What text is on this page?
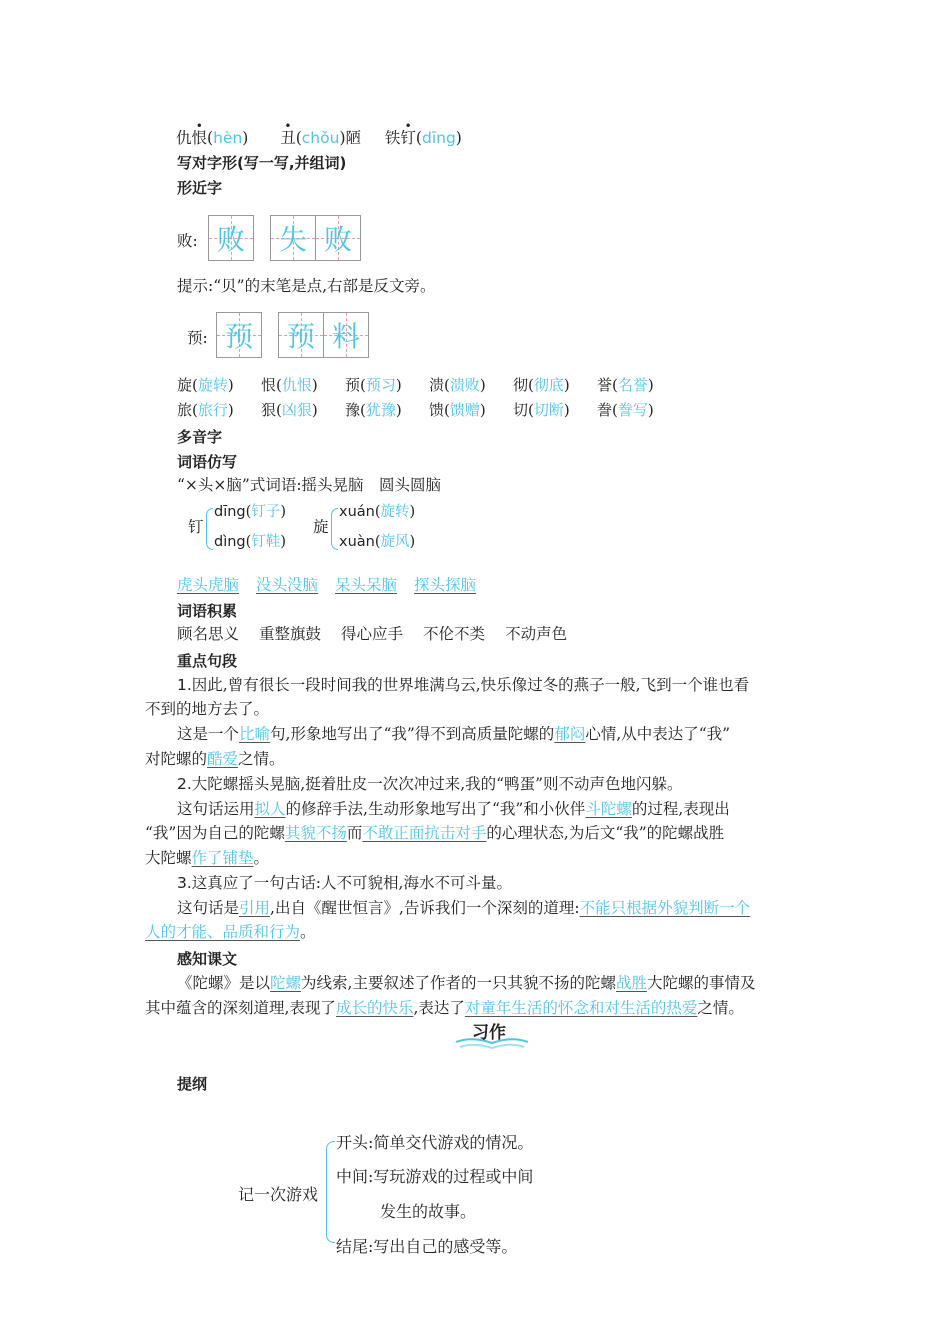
仇
•
恨(hèn)
•
丑(chǒu)陋 铁
•
钉(dīng)
写对字形(写一写,并组词)
形近字
败: 败 失 败
提示:“贝”的末笔是点,右部是反文旁。
预: 预 预 料
旋(旋转) 恨(仇恨) 预(预习) 溃(溃败) 彻(彻底) 誉(名誉)
旅(旅行) 狠(凶狠) 豫(犹豫) 馈(馈赠) 切(切断) 誊(誊写)
多音字
词语仿写
“×头×脑”式词语:摇头晃脑　圆头圆脑
钉
dīng(钉子)
dìng(钉鞋)
旋
xuán(旋转)
xuàn(旋风)
虎头虎脑 没头没脑 呆头呆脑 探头探脑
词语积累
顾名思义 重整旗鼓 得心应手 不伦不类 不动声色
重点句段
1.因此,曾有很长一段时间我的世界堆满乌云,快乐像过冬的燕子一般,飞到一个谁也看
不到的地方去了。
这是一个比喻句,形象地写出了“我”得不到高质量陀螺的郁闷心情,从中表达了“我”
对陀螺的酷爱之情。
2.大陀螺摇头晃脑,挺着肚皮一次次冲过来,我的“鸭蛋”则不动声色地闪躲。
这句话运用拟人的修辞手法,生动形象地写出了“我”和小伙伴斗陀螺的过程,表现出
“我”因为自己的陀螺其貌不扬而不敢正面抗击对手的心理状态,为后文“我”的陀螺战胜
大陀螺作了铺垫。
3.这真应了一句古话:人不可貌相,海水不可斗量。
这句话是引用,出自《醒世恒言》,告诉我们一个深刻的道理:不能只根据外貌判断一个
人的才能、品质和行为。
感知课文
《陀螺》是以陀螺为线索,主要叙述了作者的一只其貌不扬的陀螺战胜大陀螺的事情及
其中蕴含的深刻道理,表现了成长的快乐,表达了对童年生活的怀念和对生活的热爱之情。
习作
提纲
记一次游戏
开头:简单交代游戏的情况。
中间:写玩游戏的过程或中间
发生的故事。
结尾:写出自己的感受等。
